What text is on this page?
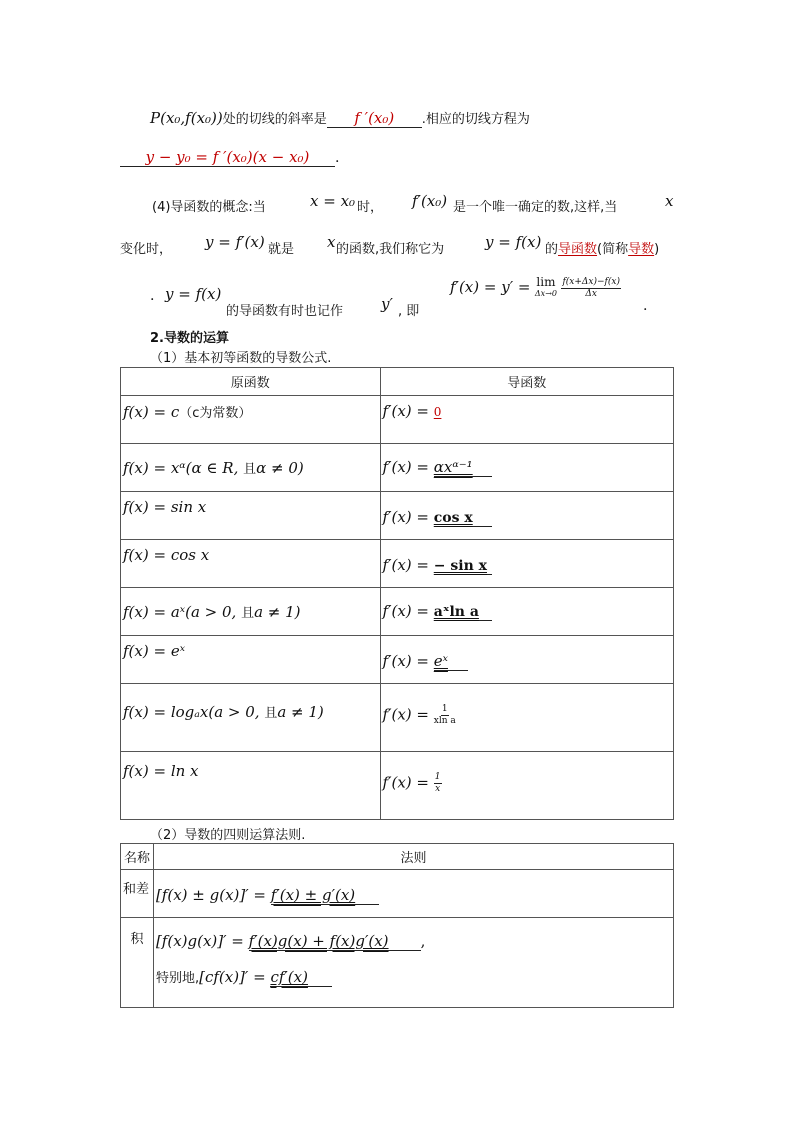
P(x₀,f(x₀))处的切线的斜率是 f ′(x₀) .相应的切线方程为
y − y₀ = f ′(x₀)(x − x₀) .
(4)导函数的概念:当	x = x₀ 时， f′(x₀) 是一个唯一确定的数,这样,当	x
变化时， y = f′(x) 就是 x 的函数,我们称它为	y = f(x) 的导函数(简称导数)
. y = f(x)
的导函数有时也记作	y′ , 即
f′(x) = y′ = lim
Δx→0
$\frac{f(x+\Delta x)-f(x)}{\Delta x}$
.
2.导数的运算
（1）基本初等函数的导数公式.
原函数	导函数
f(x) = c（c为常数）	f′(x) = 0
f(x) = xᵅ(α ∈ R, 且α ≠ 0)	f′(x) = αxᵅ⁻¹
f(x) = sin x	f′(x) = cos x
f(x) = cos x	f′(x) = − sin x
f(x) = aˣ(a > 0, 且a ≠ 1)	f′(x) = aˣln a
f(x) = eˣ	f′(x) = eˣ
f(x) = logₐx(a > 0, 且a ≠ 1)	$f'(x) = \frac{1}{\text{xln a}}$

f(x) = ln x	$f'(x) = \frac{1}{x}$
（2）导数的四则运算法则.
名称	法则
和差	[f(x) ± g(x)]′ = f′(x) ± g′(x)
积	[f(x)g(x)]′ = f′(x)g(x) + f(x)g′(x) ,
特别地,[cf(x)]′ = cf′(x)
